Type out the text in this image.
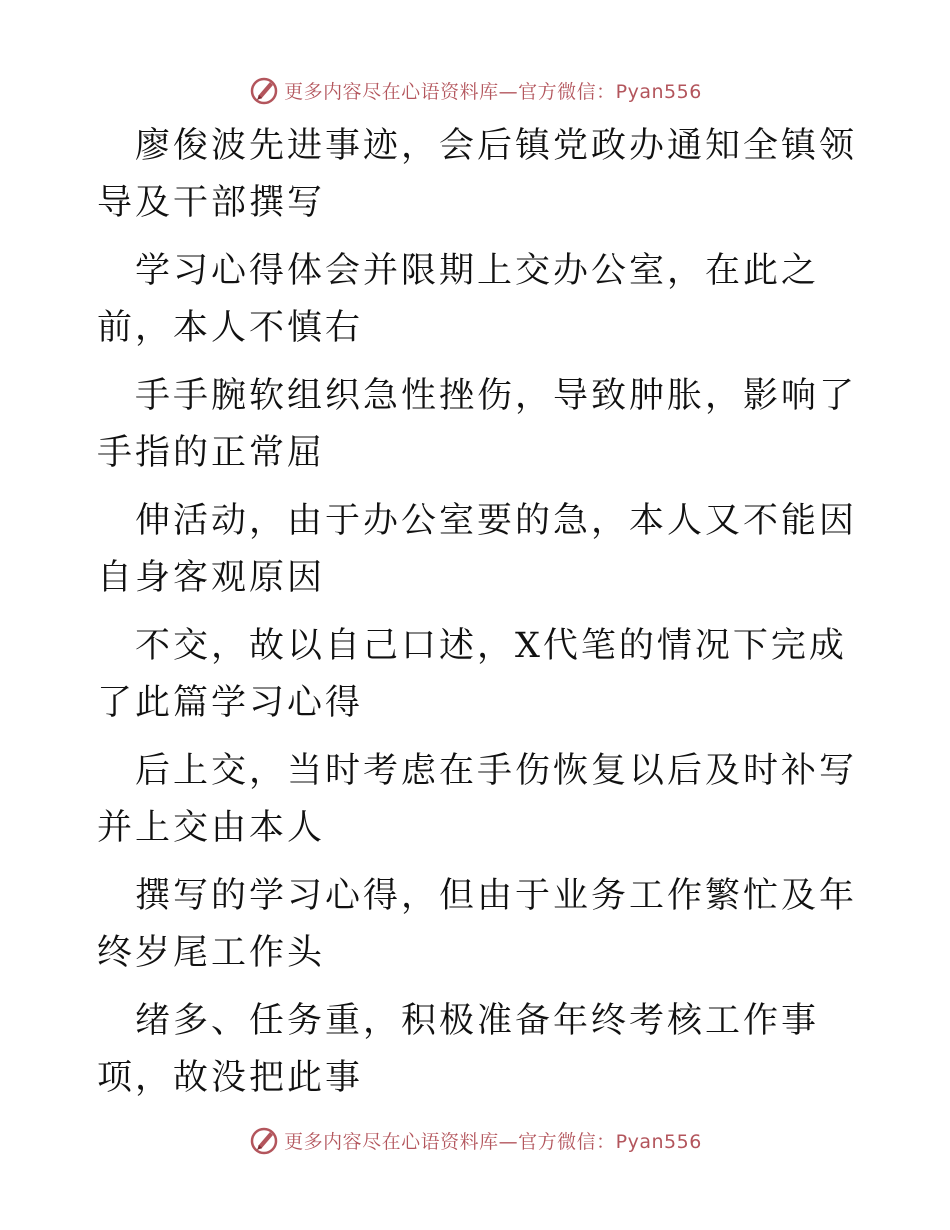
更多内容尽在心语资料库—官方微信：Pyan556

廖俊波先进事迹，会后镇党政办通知全镇领导及干部撰写

学习心得体会并限期上交办公室，在此之前，本人不慎右

手手腕软组织急性挫伤，导致肿胀，影响了手指的正常屈

伸活动，由于办公室要的急，本人又不能因自身客观原因

不交，故以自己口述，X代笔的情况下完成了此篇学习心得

后上交，当时考虑在手伤恢复以后及时补写并上交由本人

撰写的学习心得，但由于业务工作繁忙及年终岁尾工作头

绪多、任务重，积极准备年终考核工作事项，故没把此事

更多内容尽在心语资料库—官方微信：Pyan556
